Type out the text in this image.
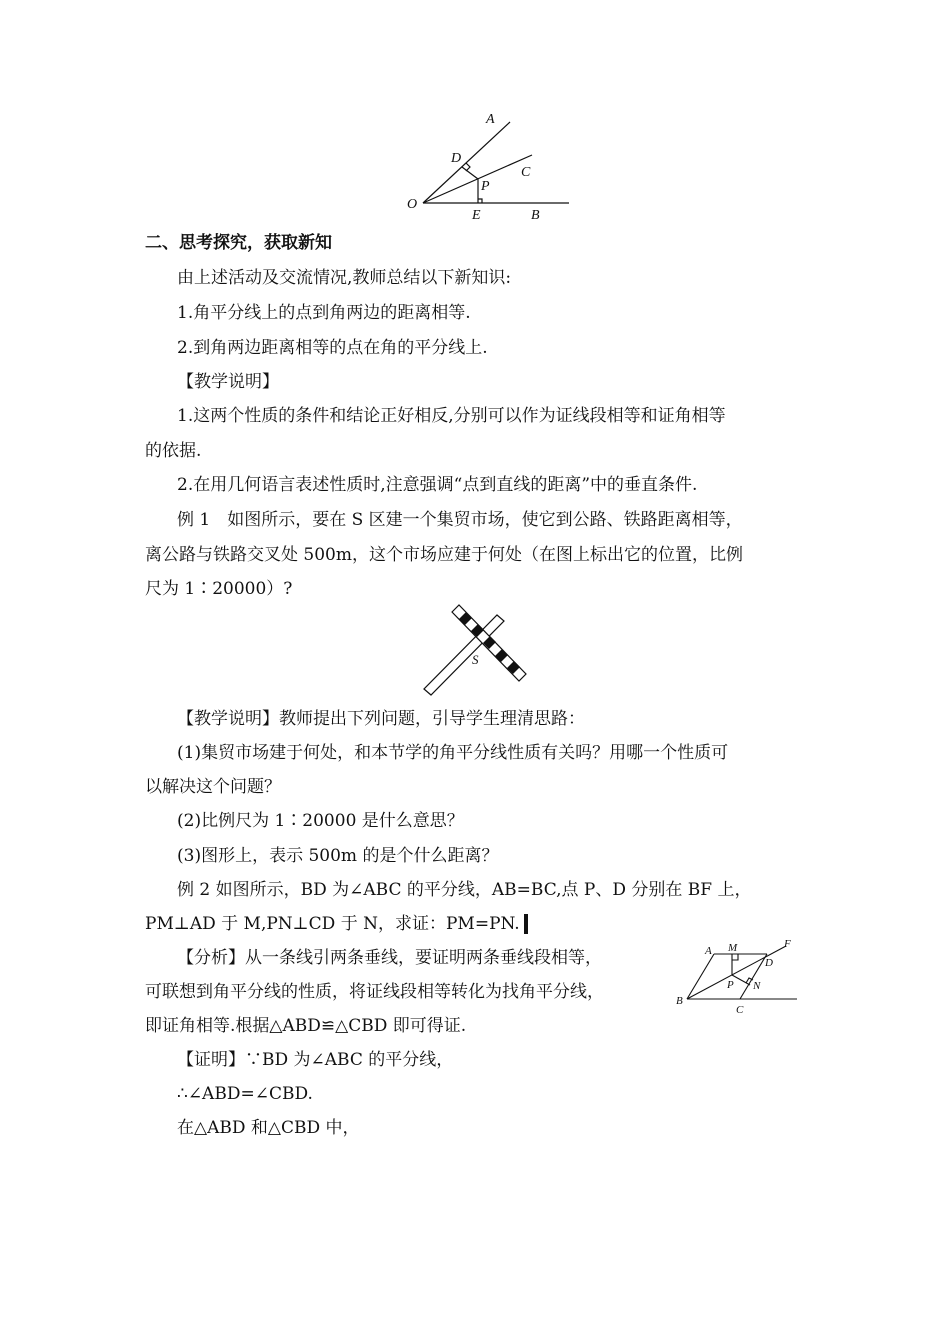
A
D
C
P
O
E	B
二、思考探究，获取新知
由上述活动及交流情况,教师总结以下新知识:
1.角平分线上的点到角两边的距离相等.
2.到角两边距离相等的点在角的平分线上.
【教学说明】
1.这两个性质的条件和结论正好相反,分别可以作为证线段相等和证角相等
的依据.
2.在用几何语言表述性质时,注意强调“点到直线的距离”中的垂直条件.
例 1　如图所示，要在 S 区建一个集贸市场，使它到公路、铁路距离相等，
离公路与铁路交叉处 500m，这个市场应建于何处（在图上标出它的位置，比例
尺为 1∶20000）?
S
【教学说明】教师提出下列问题，引导学生理清思路：
(1)集贸市场建于何处，和本节学的角平分线性质有关吗？用哪一个性质可
以解决这个问题？
(2)比例尺为 1∶20000 是什么意思？
(3)图形上，表示 500m 的是个什么距离？
例 2 如图所示，BD 为∠ABC 的平分线，AB=BC,点 P、D 分别在 BF 上，
PM⊥AD 于 M,PN⊥CD 于 N，求证：PM=PN.
【分析】从一条线引两条垂线，要证明两条垂线段相等，
可联想到角平分线的性质，将证线段相等转化为找角平分线，
即证角相等.根据△ABD≌△CBD 即可得证.
A M	F
D
P N
B
C
【证明】∵BD 为∠ABC 的平分线，
∴∠ABD=∠CBD.
在△ABD 和△CBD 中，
